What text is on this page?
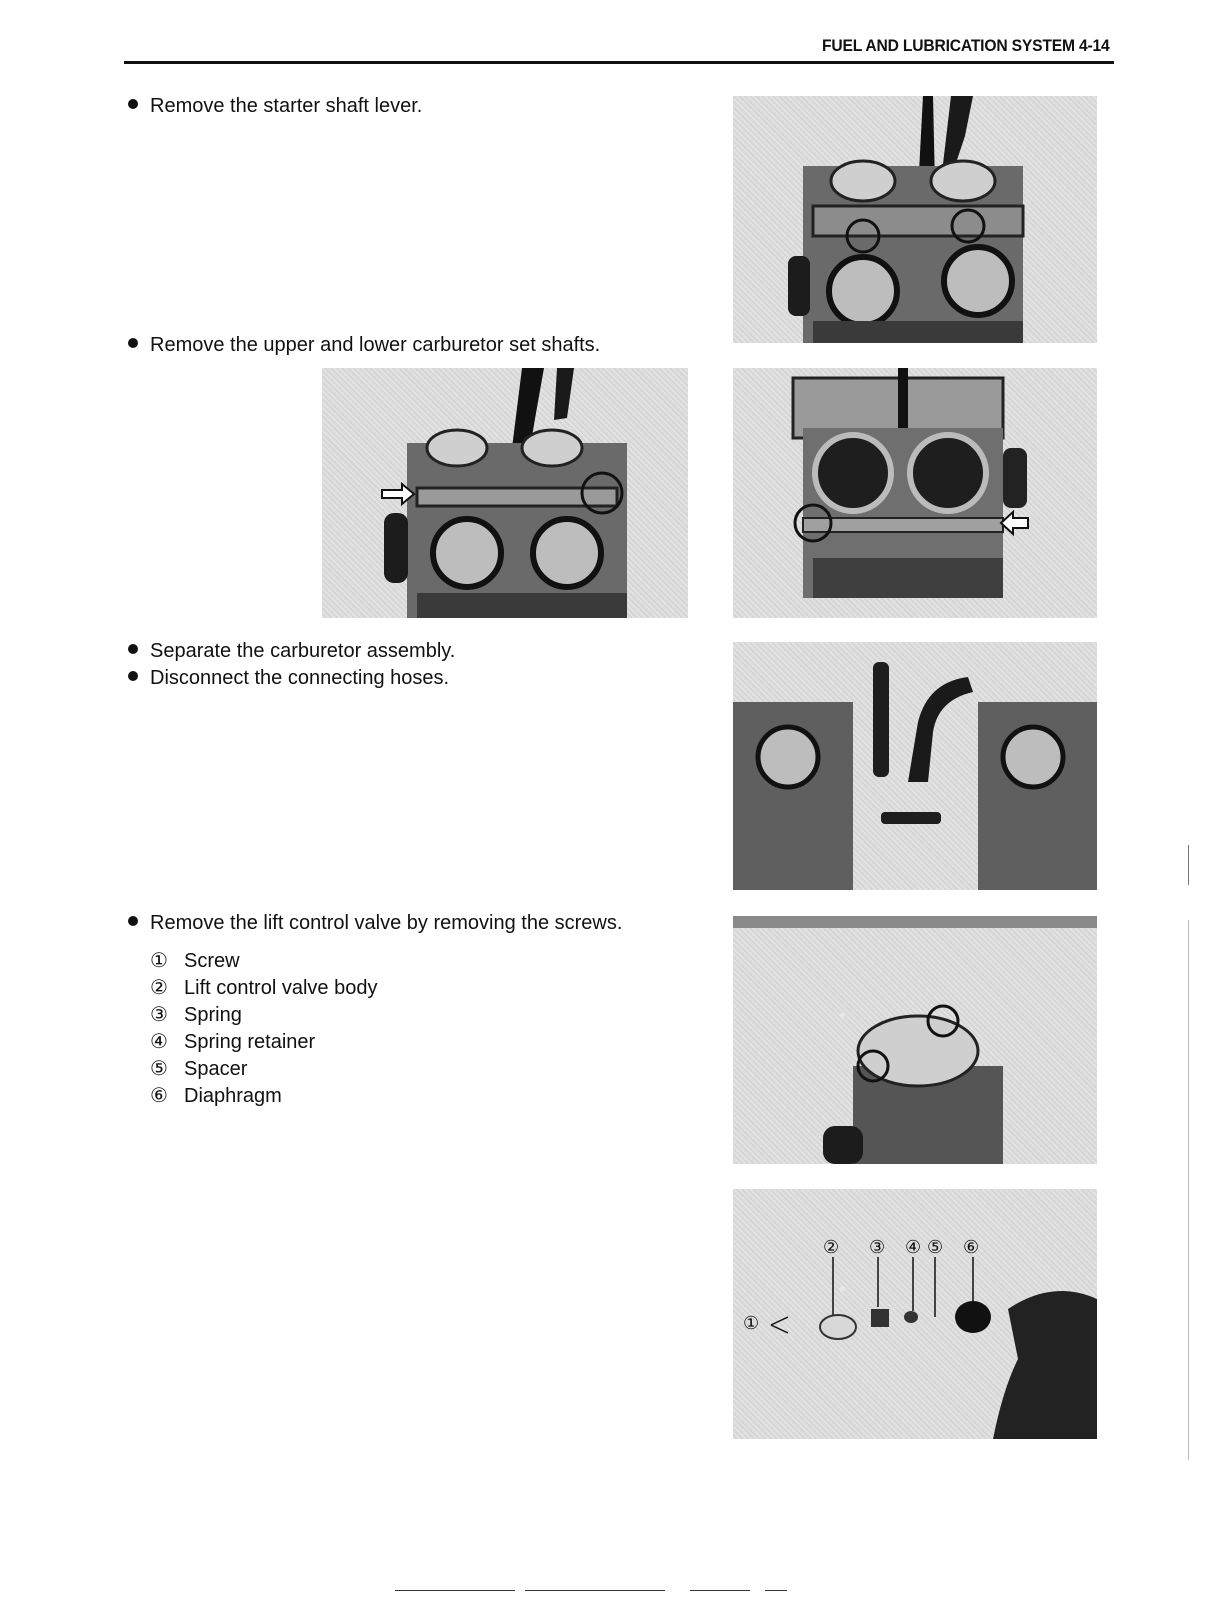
FUEL AND LUBRICATION SYSTEM 4-14
Remove the starter shaft lever.
Remove the upper and lower carburetor set shafts.
Separate the carburetor assembly.
Disconnect the connecting hoses.
Remove the lift control valve by removing the screws.
① Screw
② Lift control valve body
③ Spring
④ Spring retainer
⑤ Spacer
⑥ Diaphragm
② ③ ④ ⑤ ⑥
①
